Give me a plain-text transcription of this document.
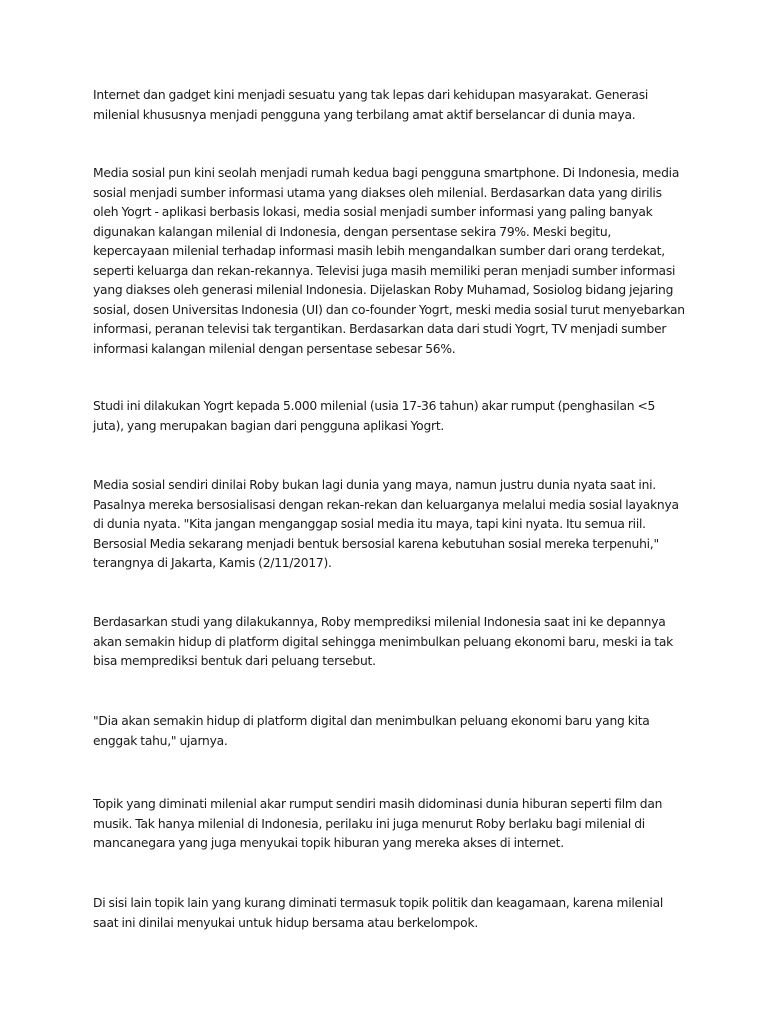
Internet dan gadget kini menjadi sesuatu yang tak lepas dari kehidupan masyarakat. Generasi milenial khususnya menjadi pengguna yang terbilang amat aktif berselancar di dunia maya.

Media sosial pun kini seolah menjadi rumah kedua bagi pengguna smartphone. Di Indonesia, media sosial menjadi sumber informasi utama yang diakses oleh milenial. Berdasarkan data yang dirilis oleh Yogrt - aplikasi berbasis lokasi, media sosial menjadi sumber informasi yang paling banyak digunakan kalangan milenial di Indonesia, dengan persentase sekira 79%. Meski begitu, kepercayaan milenial terhadap informasi masih lebih mengandalkan sumber dari orang terdekat, seperti keluarga dan rekan-rekannya. Televisi juga masih memiliki peran menjadi sumber informasi yang diakses oleh generasi milenial Indonesia. Dijelaskan Roby Muhamad, Sosiolog bidang jejaring sosial, dosen Universitas Indonesia (UI) dan co-founder Yogrt, meski media sosial turut menyebarkan informasi, peranan televisi tak tergantikan. Berdasarkan data dari studi Yogrt, TV menjadi sumber informasi kalangan milenial dengan persentase sebesar 56%.

Studi ini dilakukan Yogrt kepada 5.000 milenial (usia 17-36 tahun) akar rumput (penghasilan <5 juta), yang merupakan bagian dari pengguna aplikasi Yogrt.

Media sosial sendiri dinilai Roby bukan lagi dunia yang maya, namun justru dunia nyata saat ini. Pasalnya mereka bersosialisasi dengan rekan-rekan dan keluarganya melalui media sosial layaknya di dunia nyata. "Kita jangan menganggap sosial media itu maya, tapi kini nyata. Itu semua riil. Bersosial Media sekarang menjadi bentuk bersosial karena kebutuhan sosial mereka terpenuhi," terangnya di Jakarta, Kamis (2/11/2017).

Berdasarkan studi yang dilakukannya, Roby memprediksi milenial Indonesia saat ini ke depannya akan semakin hidup di platform digital sehingga menimbulkan peluang ekonomi baru, meski ia tak bisa memprediksi bentuk dari peluang tersebut.

"Dia akan semakin hidup di platform digital dan menimbulkan peluang ekonomi baru yang kita enggak tahu," ujarnya.

Topik yang diminati milenial akar rumput sendiri masih didominasi dunia hiburan seperti film dan musik. Tak hanya milenial di Indonesia, perilaku ini juga menurut Roby berlaku bagi milenial di mancanegara yang juga menyukai topik hiburan yang mereka akses di internet.

Di sisi lain topik lain yang kurang diminati termasuk topik politik dan keagamaan, karena milenial saat ini dinilai menyukai untuk hidup bersama atau berkelompok.
